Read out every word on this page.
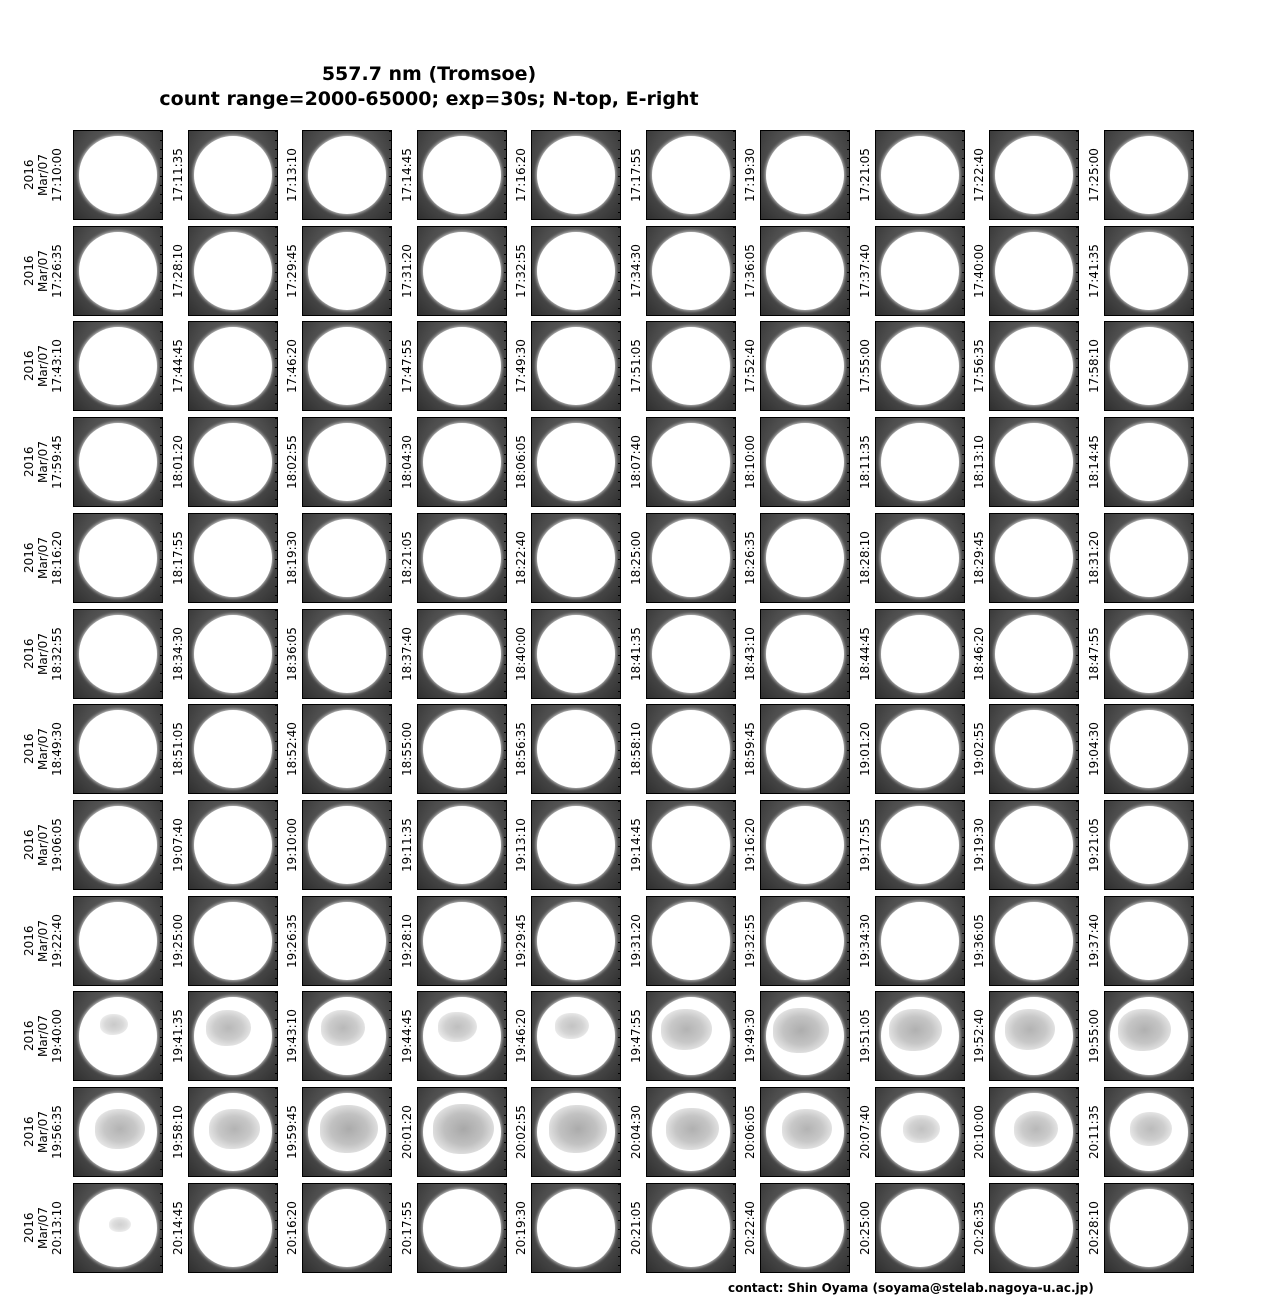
557.7 nm (Tromsoe)
count range=2000-65000; exp=30s; N-top, E-right
2016 Mar/07 17:10:00	17:11:35	17:13:10	17:14:45	17:16:20	17:17:55	17:19:30	17:21:05	17:22:40	17:25:00
2016 Mar/07 17:26:35	17:28:10	17:29:45	17:31:20	17:32:55	17:34:30	17:36:05	17:37:40	17:40:00	17:41:35
2016 Mar/07 17:43:10	17:44:45	17:46:20	17:47:55	17:49:30	17:51:05	17:52:40	17:55:00	17:56:35	17:58:10
2016 Mar/07 17:59:45	18:01:20	18:02:55	18:04:30	18:06:05	18:07:40	18:10:00	18:11:35	18:13:10	18:14:45
2016 Mar/07 18:16:20	18:17:55	18:19:30	18:21:05	18:22:40	18:25:00	18:26:35	18:28:10	18:29:45	18:31:20
2016 Mar/07 18:32:55	18:34:30	18:36:05	18:37:40	18:40:00	18:41:35	18:43:10	18:44:45	18:46:20	18:47:55
2016 Mar/07 18:49:30	18:51:05	18:52:40	18:55:00	18:56:35	18:58:10	18:59:45	19:01:20	19:02:55	19:04:30
2016 Mar/07 19:06:05	19:07:40	19:10:00	19:11:35	19:13:10	19:14:45	19:16:20	19:17:55	19:19:30	19:21:05
2016 Mar/07 19:22:40	19:25:00	19:26:35	19:28:10	19:29:45	19:31:20	19:32:55	19:34:30	19:36:05	19:37:40
2016 Mar/07 19:40:00	19:41:35	19:43:10	19:44:45	19:46:20	19:47:55	19:49:30	19:51:05	19:52:40	19:55:00
2016 Mar/07 19:56:35	19:58:10	19:59:45	20:01:20	20:02:55	20:04:30	20:06:05	20:07:40	20:10:00	20:11:35
2016 Mar/07 20:13:10	20:14:45	20:16:20	20:17:55	20:19:30	20:21:05	20:22:40	20:25:00	20:26:35	20:28:10
contact: Shin Oyama (soyama@stelab.nagoya-u.ac.jp)
